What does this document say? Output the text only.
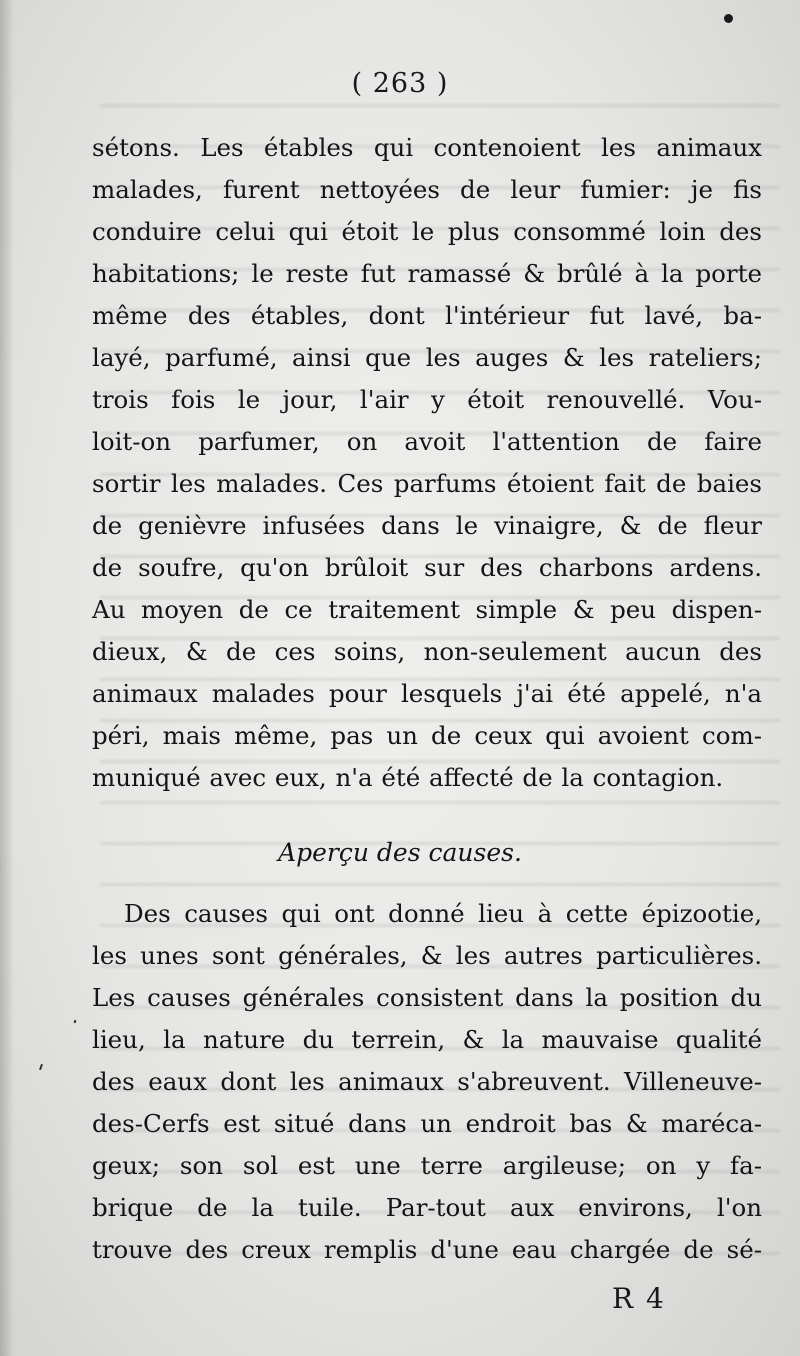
( 263 )
sétons. Les étables qui contenoient les animaux
malades, furent nettoyées de leur fumier: je fis
conduire celui qui étoit le plus consommé loin des
habitations; le reste fut ramassé & brûlé à la porte
même des étables, dont l'intérieur fut lavé, ba-
layé, parfumé, ainsi que les auges & les rateliers;
trois fois le jour, l'air y étoit renouvellé. Vou-
loit-on parfumer, on avoit l'attention de faire
sortir les malades. Ces parfums étoient fait de baies
de genièvre infusées dans le vinaigre, & de fleur
de soufre, qu'on brûloit sur des charbons ardens.
Au moyen de ce traitement simple & peu dispen-
dieux, & de ces soins, non-seulement aucun des
animaux malades pour lesquels j'ai été appelé, n'a
péri, mais même, pas un de ceux qui avoient com-
muniqué avec eux, n'a été affecté de la contagion.
Aperçu des causes.
Des causes qui ont donné lieu à cette épizootie,
les unes sont générales, & les autres particulières.
Les causes générales consistent dans la position du
lieu, la nature du terrein, & la mauvaise qualité
des eaux dont les animaux s'abreuvent. Villeneuve-
des-Cerfs est situé dans un endroit bas & maréca-
geux; son sol est une terre argileuse; on y fa-
brique de la tuile. Par-tout aux environs, l'on
trouve des creux remplis d'une eau chargée de sé-
R 4
